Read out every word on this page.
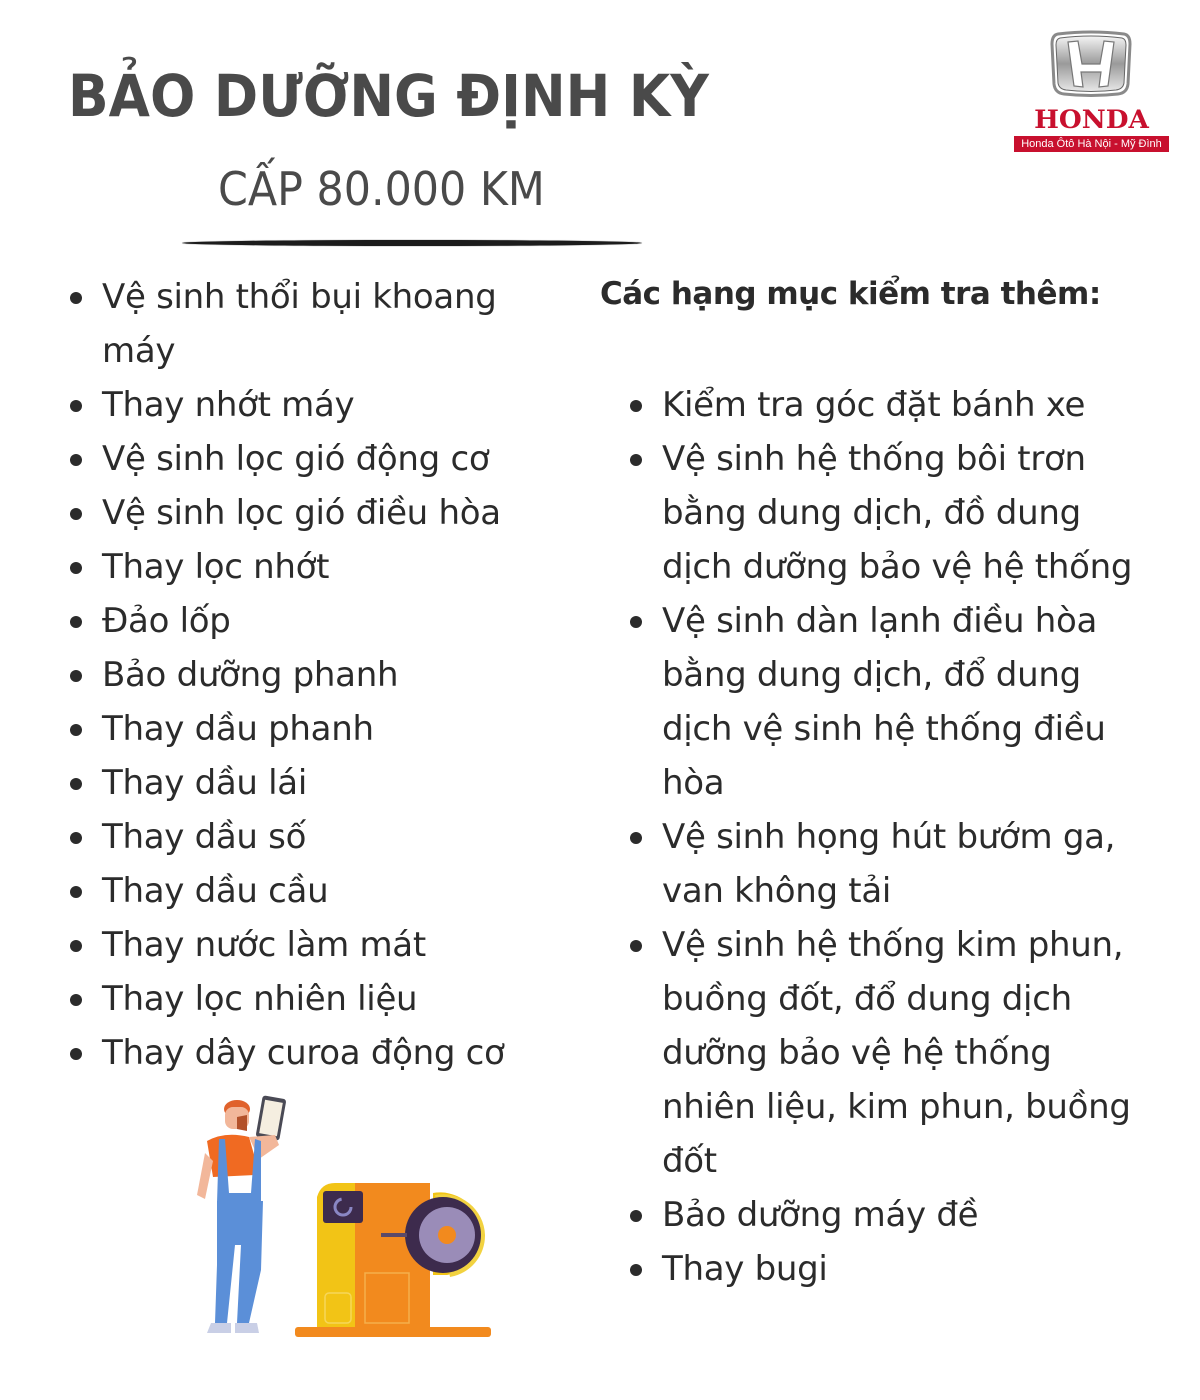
BẢO DƯỠNG ĐỊNH KỲ
CẤP 80.000 KM
HONDA
Honda Ôtô Hà Nội - Mỹ Đình
Vệ sinh thổi bụi khoang máy
Thay nhớt máy
Vệ sinh lọc gió động cơ
Vệ sinh lọc gió điều hòa
Thay lọc nhớt
Đảo lốp
Bảo dưỡng phanh
Thay dầu phanh
Thay dầu lái
Thay dầu số
Thay dầu cầu
Thay nước làm mát
Thay lọc nhiên liệu
Thay dây curoa động cơ
Các hạng mục kiểm tra thêm:
Kiểm tra góc đặt bánh xe
Vệ sinh hệ thống bôi trơn bằng dung dịch, đồ dung dịch dưỡng bảo vệ hệ thống
Vệ sinh dàn lạnh điều hòa bằng dung dịch, đổ dung dịch vệ sinh hệ thống điều hòa
Vệ sinh họng hút bướm ga, van không tải
Vệ sinh hệ thống kim phun, buồng đốt, đổ dung dịch dưỡng bảo vệ hệ thống nhiên liệu, kim phun, buồng đốt
Bảo dưỡng máy đề
Thay bugi
